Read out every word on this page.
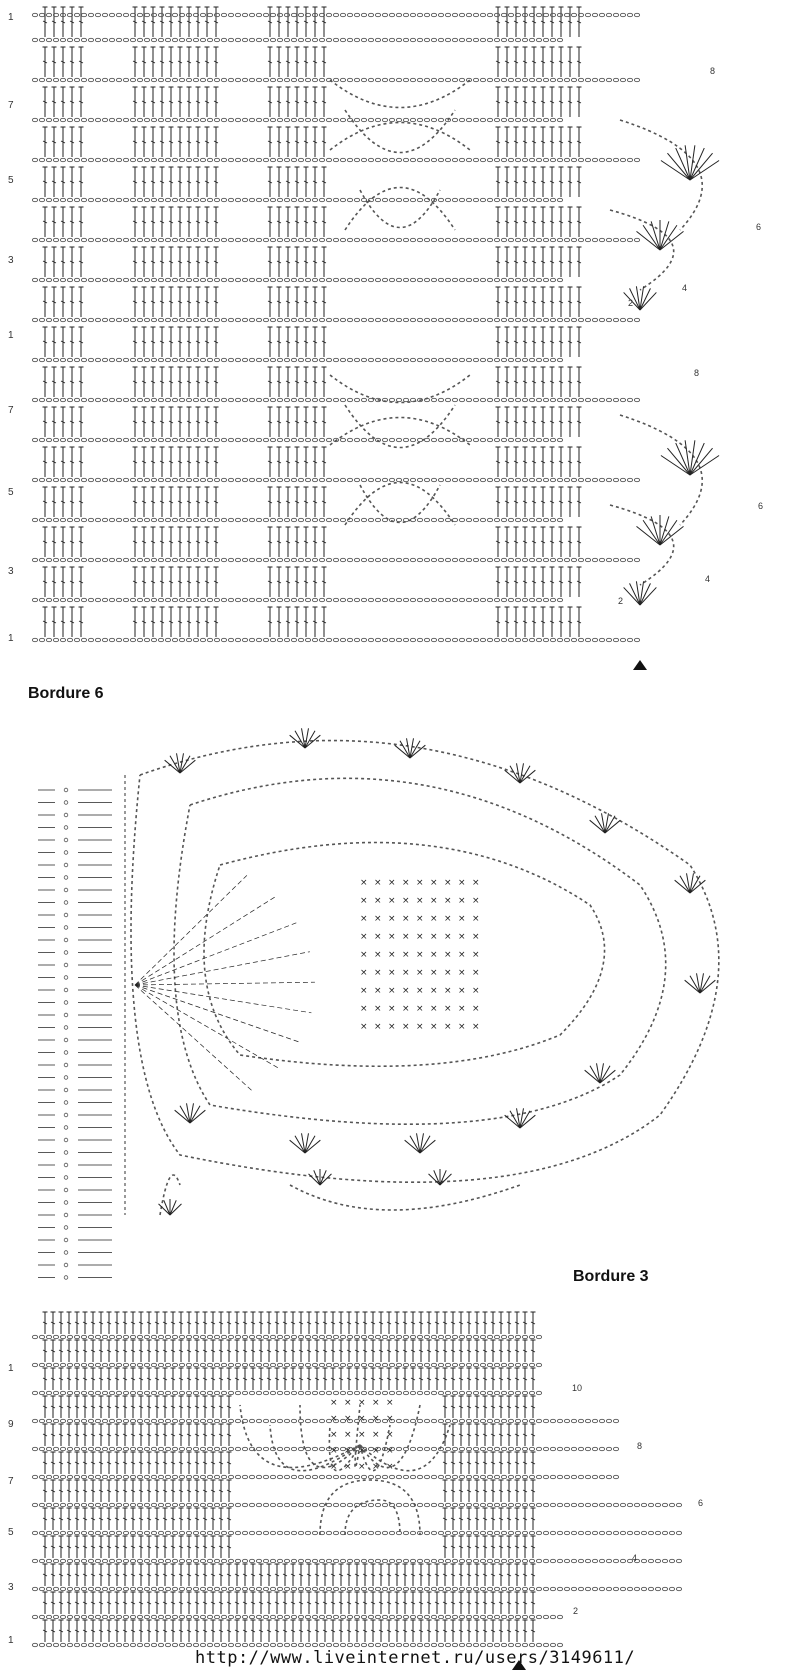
1
7
5
3
1
7
5
3
1
8
6
4
2
8
6
4
2
Bordure 6
× × × × × × × × ×
× × × × × × × × ×
× × × × × × × × ×
× × × × × × × × ×
× × × × × × × × ×
× × × × × × × × ×
× × × × × × × × ×
× × × × × × × × ×
× × × × × × × × ×
Bordure 3
× × × × ×
× × × × ×
× × × × ×
× × × × ×
× × × × ×
1
9
7
5
3
1
10
8
6
4
2
http://www.liveinternet.ru/users/3149611/
